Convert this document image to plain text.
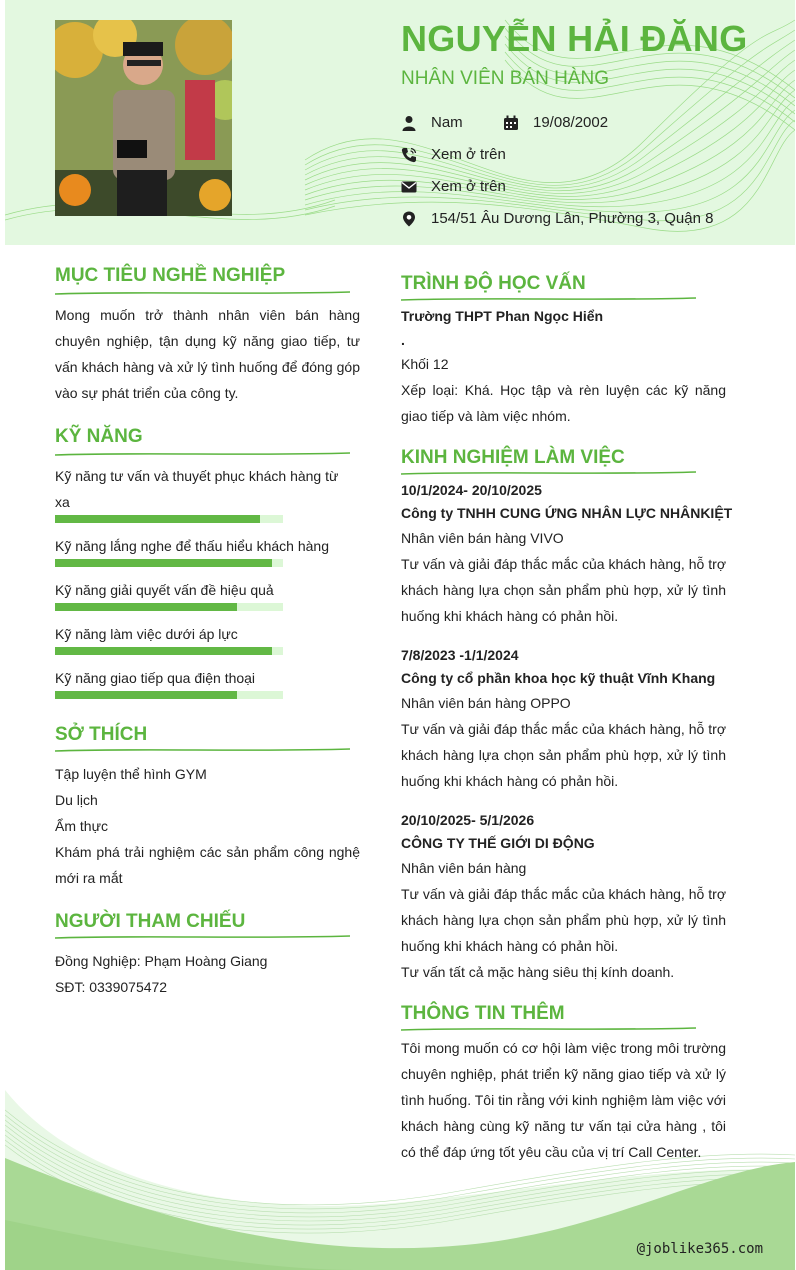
NGUYỄN HẢI ĐĂNG
NHÂN VIÊN BÁN HÀNG
Nam	19/08/2002
Xem ở trên
Xem ở trên
154/51 Âu Dương Lân, Phường 3, Quận 8
MỤC TIÊU NGHỀ NGHIỆP
Mong muốn trở thành nhân viên bán hàng chuyên nghiệp, tận dụng kỹ năng giao tiếp, tư vấn khách hàng và xử lý tình huống để đóng góp vào sự phát triển của công ty.
KỸ NĂNG
Kỹ năng tư vấn và thuyết phục khách hàng từ xa
Kỹ năng lắng nghe để thấu hiểu khách hàng
Kỹ năng giải quyết vấn đề hiệu quả
Kỹ năng làm việc dưới áp lực
Kỹ năng giao tiếp qua điện thoại
SỞ THÍCH
Tập luyện thể hình GYM
Du lịch
Ẩm thực
Khám phá trải nghiệm các sản phẩm công nghệ mới ra mắt
NGƯỜI THAM CHIẾU
Đồng Nghiệp: Phạm Hoàng Giang
SĐT: 0339075472
TRÌNH ĐỘ HỌC VẤN
Trường THPT Phan Ngọc Hiển
.
Khối 12
Xếp loại: Khá. Học tập và rèn luyện các kỹ năng giao tiếp và làm việc nhóm.
KINH NGHIỆM LÀM VIỆC
10/1/2024- 20/10/2025
Công ty TNHH CUNG ỨNG NHÂN LỰC NHÂNKIỆT
Nhân viên bán hàng VIVO
Tư vấn và giải đáp thắc mắc của khách hàng, hỗ trợ khách hàng lựa chọn sản phẩm phù hợp, xử lý tình huống khi khách hàng có phản hồi.
7/8/2023 -1/1/2024
Công ty cổ phần khoa học kỹ thuật Vĩnh Khang
Nhân viên bán hàng OPPO
Tư vấn và giải đáp thắc mắc của khách hàng, hỗ trợ khách hàng lựa chọn sản phẩm phù hợp, xử lý tình huống khi khách hàng có phản hồi.
20/10/2025- 5/1/2026
CÔNG TY THẾ GIỚI DI ĐỘNG
Nhân viên bán hàng
Tư vấn và giải đáp thắc mắc của khách hàng, hỗ trợ khách hàng lựa chọn sản phẩm phù hợp, xử lý tình huống khi khách hàng có phản hồi.
Tư vấn tất cả mặc hàng siêu thị kính doanh.
THÔNG TIN THÊM
Tôi mong muốn có cơ hội làm việc trong môi trường chuyên nghiệp, phát triển kỹ năng giao tiếp và xử lý tình huống. Tôi tin rằng với kinh nghiệm làm việc với khách hàng cùng kỹ năng tư vấn tại cửa hàng , tôi có thể đáp ứng tốt yêu cầu của vị trí Call Center.
@joblike365.com
